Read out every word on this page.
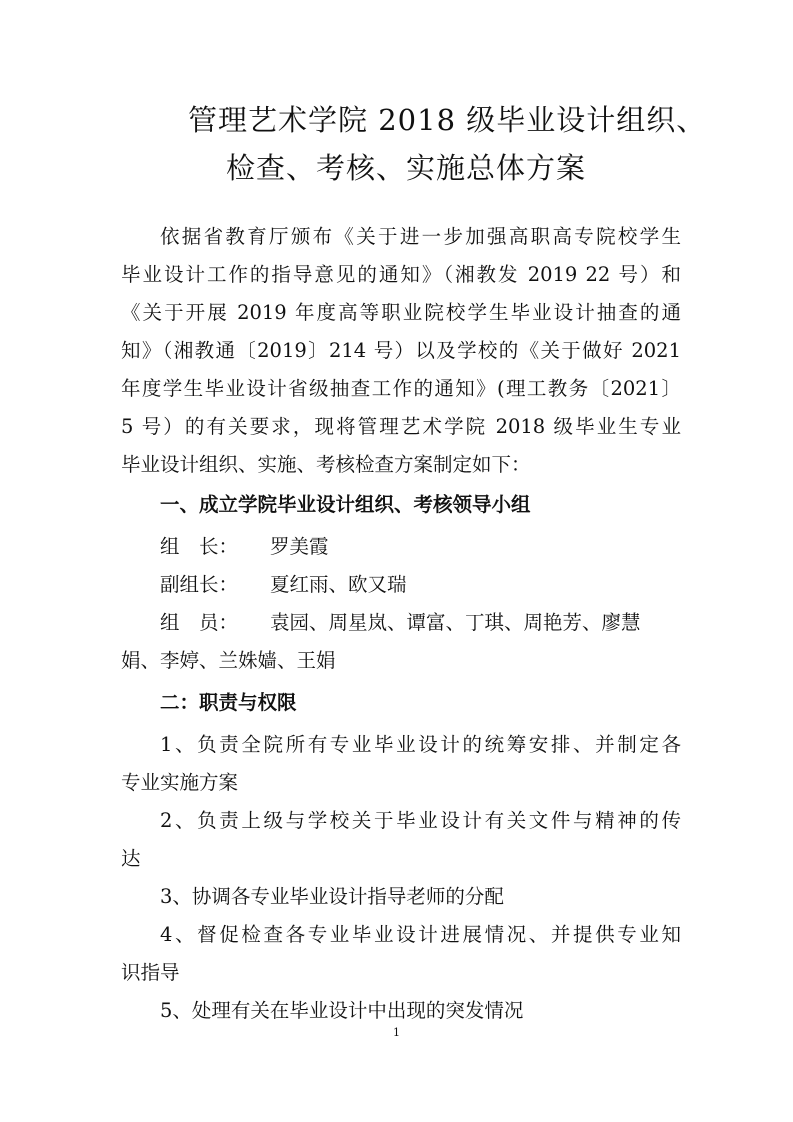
管理艺术学院 2018 级毕业设计组织、
检查、考核、实施总体方案
依据省教育厅颁布《关于进一步加强高职高专院校学生
毕业设计工作的指导意见的通知》（湘教发 2019 22 号）和
《关于开展 2019 年度高等职业院校学生毕业设计抽查的通
知》（湘教通〔2019〕214 号）以及学校的《关于做好 2021
年度学生毕业设计省级抽查工作的通知》(理工教务〔2021〕
5 号）的有关要求，现将管理艺术学院 2018 级毕业生专业
毕业设计组织、实施、考核检查方案制定如下：
一、成立学院毕业设计组织、考核领导小组
组　长： 罗美霞
副组长： 夏红雨、欧又瑞
组　员： 袁园、周星岚、谭富、丁琪、周艳芳、廖慧
娟、李婷、兰姝嫱、王娟
二：职责与权限
1、负责全院所有专业毕业设计的统筹安排、并制定各
专业实施方案
2、负责上级与学校关于毕业设计有关文件与精神的传
达
3、协调各专业毕业设计指导老师的分配
4、督促检查各专业毕业设计进展情况、并提供专业知
识指导
5、处理有关在毕业设计中出现的突发情况
1
